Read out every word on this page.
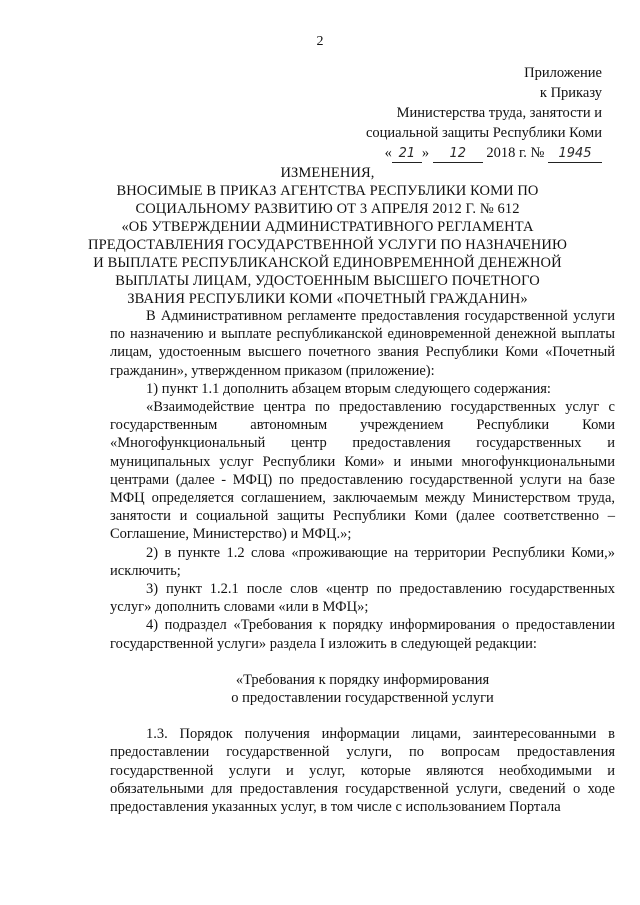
2
Приложение
к Приказу
Министерства труда, занятости и
социальной защиты Республики Коми
« 21 » 12 2018 г. № 1945
ИЗМЕНЕНИЯ,
ВНОСИМЫЕ В ПРИКАЗ АГЕНТСТВА РЕСПУБЛИКИ КОМИ ПО
СОЦИАЛЬНОМУ РАЗВИТИЮ ОТ 3 АПРЕЛЯ 2012 Г. № 612
«ОБ УТВЕРЖДЕНИИ АДМИНИСТРАТИВНОГО РЕГЛАМЕНТА
ПРЕДОСТАВЛЕНИЯ ГОСУДАРСТВЕННОЙ УСЛУГИ ПО НАЗНАЧЕНИЮ
И ВЫПЛАТЕ РЕСПУБЛИКАНСКОЙ ЕДИНОВРЕМЕННОЙ ДЕНЕЖНОЙ
ВЫПЛАТЫ ЛИЦАМ, УДОСТОЕННЫМ ВЫСШЕГО ПОЧЕТНОГО
ЗВАНИЯ РЕСПУБЛИКИ КОМИ «ПОЧЕТНЫЙ ГРАЖДАНИН»

В Административном регламенте предоставления государственной услуги по назначению и выплате республиканской единовременной денежной выплаты лицам, удостоенным высшего почетного звания Республики Коми «Почетный гражданин», утвержденном приказом (приложение):

1) пункт 1.1 дополнить абзацем вторым следующего содержания:

«Взаимодействие центра по предоставлению государственных услуг с государственным автономным учреждением Республики Коми «Многофункциональный центр предоставления государственных и муниципальных услуг Республики Коми» и иными многофункциональными центрами (далее - МФЦ) по предоставлению государственной услуги на базе МФЦ определяется соглашением, заключаемым между Министерством труда, занятости и социальной защиты Республики Коми (далее соответственно – Соглашение, Министерство) и МФЦ.»;

2) в пункте 1.2 слова «проживающие на территории Республики Коми,» исключить;

3) пункт 1.2.1 после слов «центр по предоставлению государственных услуг» дополнить словами «или в МФЦ»;

4) подраздел «Требования к порядку информирования о предоставлении государственной услуги» раздела I изложить в следующей редакции:

«Требования к порядку информирования

о предоставлении государственной услуги

1.3. Порядок получения информации лицами, заинтересованными в предоставлении государственной услуги, по вопросам предоставления государственной услуги и услуг, которые являются необходимыми и обязательными для предоставления государственной услуги, сведений о ходе предоставления указанных услуг, в том числе с использованием Портала
